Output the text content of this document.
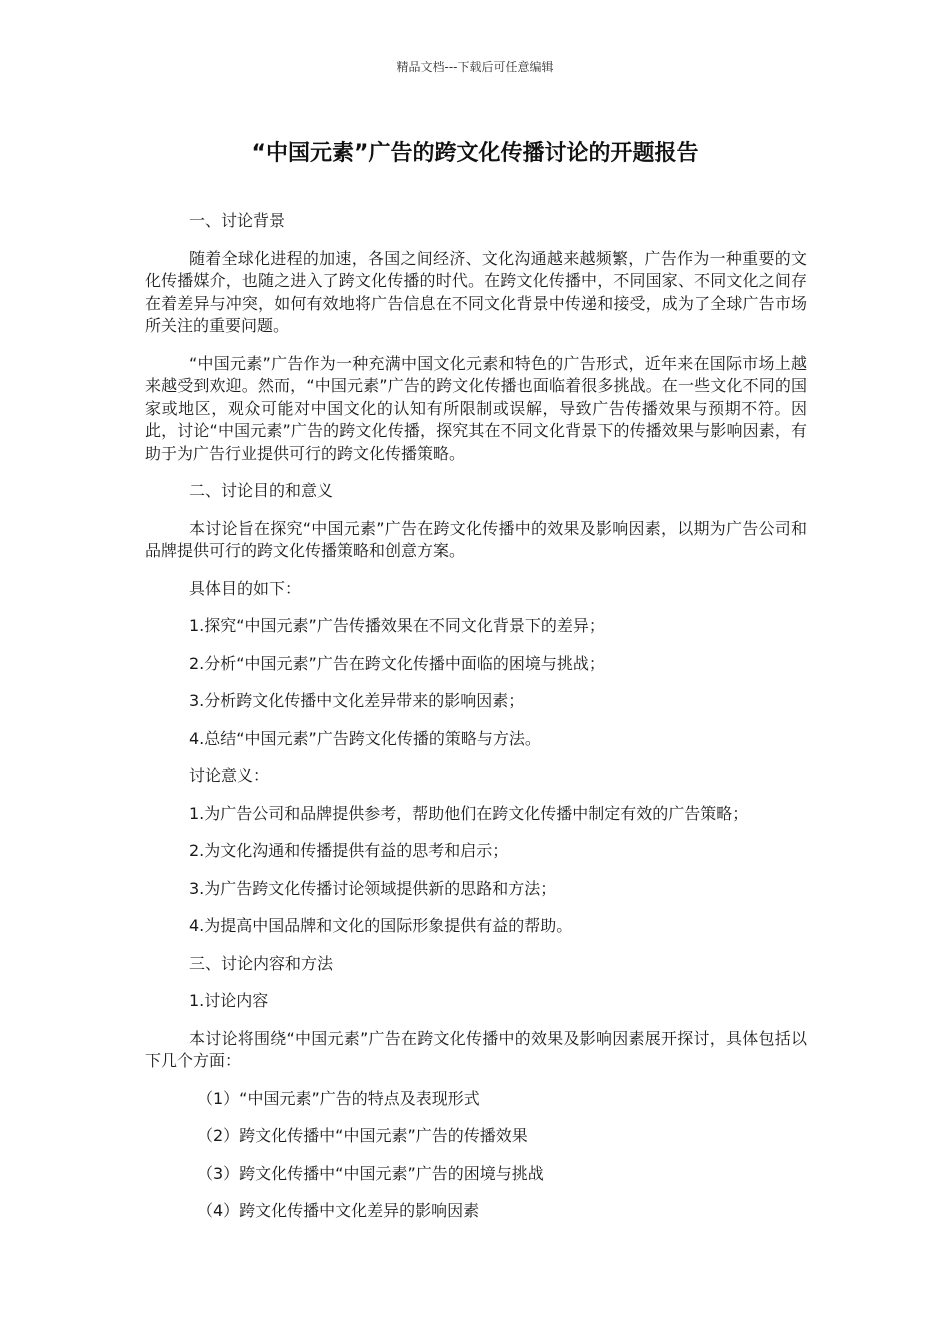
精品文档---下载后可任意编辑
“中国元素”广告的跨文化传播讨论的开题报告

一、讨论背景

随着全球化进程的加速，各国之间经济、文化沟通越来越频繁，广告作为一种重要的文化传播媒介，也随之进入了跨文化传播的时代。在跨文化传播中，不同国家、不同文化之间存在着差异与冲突，如何有效地将广告信息在不同文化背景中传递和接受，成为了全球广告市场所关注的重要问题。

“中国元素”广告作为一种充满中国文化元素和特色的广告形式，近年来在国际市场上越来越受到欢迎。然而，“中国元素”广告的跨文化传播也面临着很多挑战。在一些文化不同的国家或地区，观众可能对中国文化的认知有所限制或误解，导致广告传播效果与预期不符。因此，讨论“中国元素”广告的跨文化传播，探究其在不同文化背景下的传播效果与影响因素，有助于为广告行业提供可行的跨文化传播策略。

二、讨论目的和意义

本讨论旨在探究“中国元素”广告在跨文化传播中的效果及影响因素，以期为广告公司和品牌提供可行的跨文化传播策略和创意方案。

具体目的如下：

1.探究“中国元素”广告传播效果在不同文化背景下的差异；

2.分析“中国元素”广告在跨文化传播中面临的困境与挑战；

3.分析跨文化传播中文化差异带来的影响因素；

4.总结“中国元素”广告跨文化传播的策略与方法。

讨论意义：

1.为广告公司和品牌提供参考，帮助他们在跨文化传播中制定有效的广告策略；

2.为文化沟通和传播提供有益的思考和启示；

3.为广告跨文化传播讨论领域提供新的思路和方法；

4.为提高中国品牌和文化的国际形象提供有益的帮助。

三、讨论内容和方法

1.讨论内容

本讨论将围绕“中国元素”广告在跨文化传播中的效果及影响因素展开探讨，具体包括以下几个方面：

（1）“中国元素”广告的特点及表现形式

（2）跨文化传播中“中国元素”广告的传播效果

（3）跨文化传播中“中国元素”广告的困境与挑战

（4）跨文化传播中文化差异的影响因素
